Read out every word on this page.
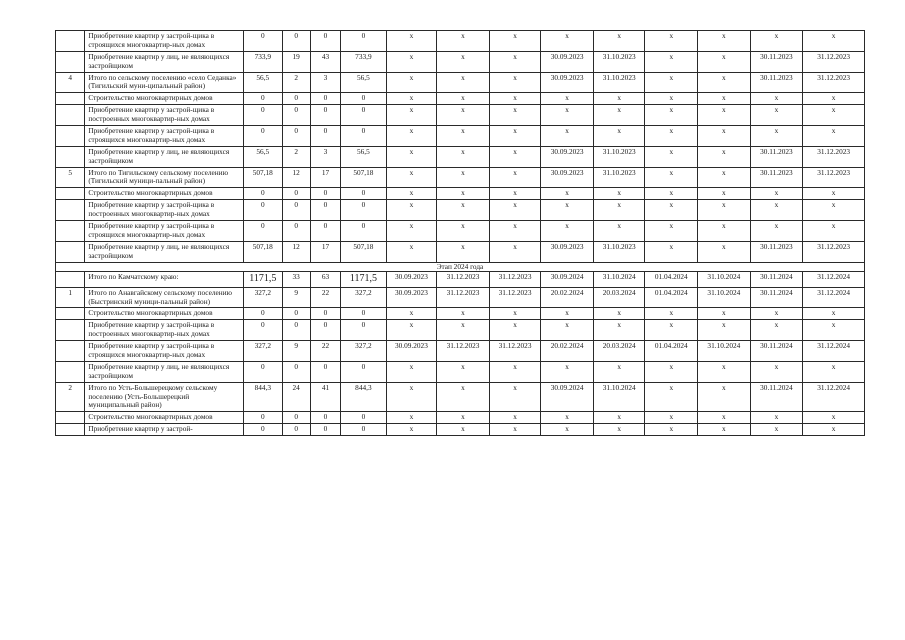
	Приобретение квартир у застрой-щика в строящихся многоквартир-ных домах	0	0	0	0	x	x	x	x	x	x	x	x	x
	Приобретение квартир у лиц, не являющихся застройщиком	733,9	19	43	733,9	x	x	x	30.09.2023	31.10.2023	x	x	30.11.2023	31.12.2023
4	Итого по сельскому поселению «село Седанка» (Тигильский муни-ципальный район)	56,5	2	3	56,5	x	x	x	30.09.2023	31.10.2023	x	x	30.11.2023	31.12.2023
	Строительство многоквартирных домов	0	0	0	0	x	x	x	x	x	x	x	x	x
	Приобретение квартир у застрой-щика в построенных многоквартир-ных домах	0	0	0	0	x	x	x	x	x	x	x	x	x
	Приобретение квартир у застрой-щика в строящихся многоквартир-ных домах	0	0	0	0	x	x	x	x	x	x	x	x	x
	Приобретение квартир у лиц, не являющихся застройщиком	56,5	2	3	56,5	x	x	x	30.09.2023	31.10.2023	x	x	30.11.2023	31.12.2023
5	Итого по Тигильскому сельскому поселению (Тигильский муници-пальный район)	507,18	12	17	507,18	x	x	x	30.09.2023	31.10.2023	x	x	30.11.2023	31.12.2023
	Строительство многоквартирных домов	0	0	0	0	x	x	x	x	x	x	x	x	x
	Приобретение квартир у застрой-щика в построенных многоквартир-ных домах	0	0	0	0	x	x	x	x	x	x	x	x	x
	Приобретение квартир у застрой-щика в строящихся многоквартир-ных домах	0	0	0	0	x	x	x	x	x	x	x	x	x
	Приобретение квартир у лиц, не являющихся застройщиком	507,18	12	17	507,18	x	x	x	30.09.2023	31.10.2023	x	x	30.11.2023	31.12.2023
Этап 2024 года														
	Итого по Камчатскому краю:	1171,5	33	63	1171,5	30.09.2023	31.12.2023	31.12.2023	30.09.2024	31.10.2024	01.04.2024	31.10.2024	30.11.2024	31.12.2024
1	Итого по Анавгайскому сельскому поселению (Быстринский муници-пальный район)	327,2	9	22	327,2	30.09.2023	31.12.2023	31.12.2023	20.02.2024	20.03.2024	01.04.2024	31.10.2024	30.11.2024	31.12.2024
	Строительство многоквартирных домов	0	0	0	0	x	x	x	x	x	x	x	x	x
	Приобретение квартир у застрой-щика в построенных многоквартир-ных домах	0	0	0	0	x	x	x	x	x	x	x	x	x
	Приобретение квартир у застрой-щика в строящихся многоквартир-ных домах	327,2	9	22	327,2	30.09.2023	31.12.2023	31.12.2023	20.02.2024	20.03.2024	01.04.2024	31.10.2024	30.11.2024	31.12.2024
	Приобретение квартир у лиц, не являющихся застройщиком	0	0	0	0	x	x	x	x	x	x	x	x	x
2	Итого по Усть-Большерецкому сельскому поселению (Усть-Большерецкий муниципальный район)	844,3	24	41	844,3	x	x	x	30.09.2024	31.10.2024	x	x	30.11.2024	31.12.2024
	Строительство многоквартирных домов	0	0	0	0	x	x	x	x	x	x	x	x	x
	Приобретение квартир у застрой-	0	0	0	0	x	x	x	x	x	x	x	x	x
